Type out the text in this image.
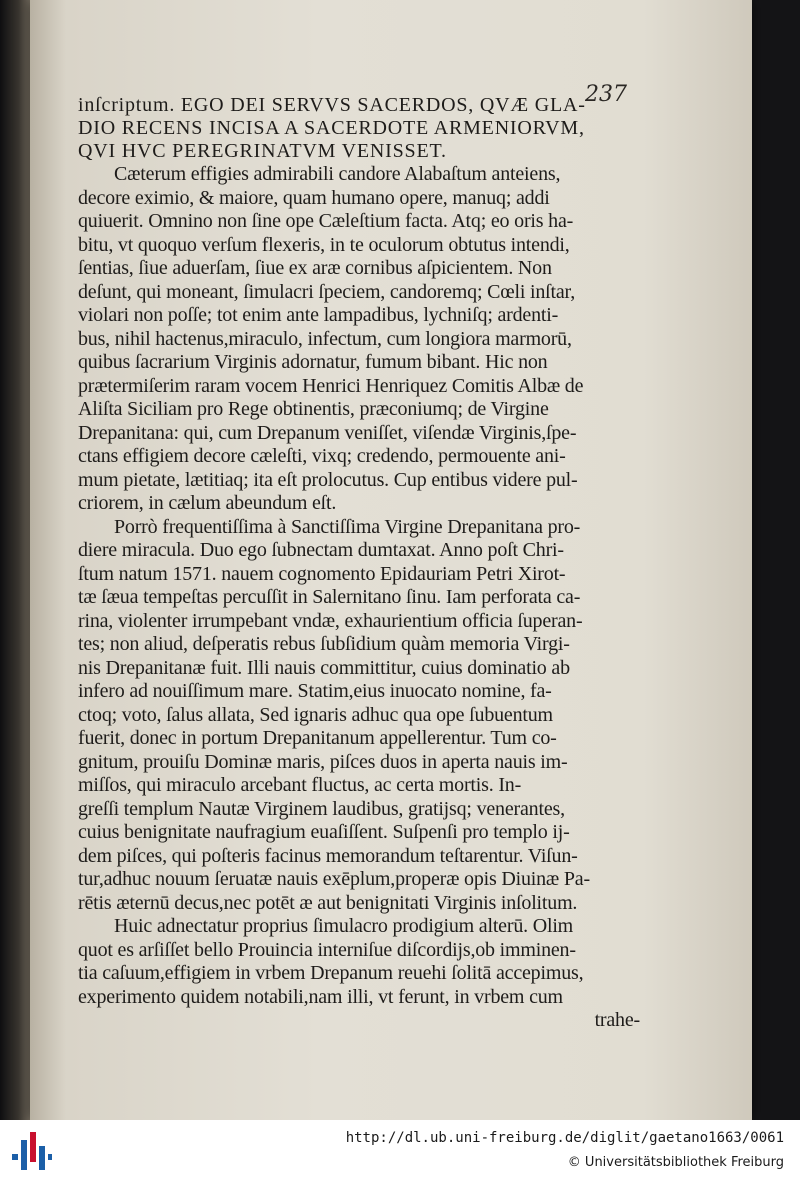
237
inſcriptum. EGO DEI SERVVS SACERDOS, QVÆ GLA-
DIO RECENS INCISA A SACERDOTE ARMENIORVM,
QVI HVC PEREGRINATVM VENISSET.
Cæterum effigies admirabili candore Alabaſtum anteiens,
decore eximio, & maiore, quam humano opere, manuq; addi
quiuerit. Omnino non ſine ope Cæleſtium facta. Atq; eo oris ha-
bitu, vt quoquo verſum flexeris, in te oculorum obtutus intendi,
ſentias, ſiue aduerſam, ſiue ex aræ cornibus aſpicientem. Non
deſunt, qui moneant, ſimulacri ſpeciem, candoremq; Cœli inſtar,
violari non poſſe; tot enim ante lampadibus, lychniſq; ardenti-
bus, nihil hactenus,miraculo, infectum, cum longiora marmorū,
quibus ſacrarium Virginis adornatur, fumum bibant. Hic non
prætermiſerim raram vocem Henrici Henriquez Comitis Albæ de
Aliſta Siciliam pro Rege obtinentis, præconiumq; de Virgine
Drepanitana: qui, cum Drepanum veniſſet, viſendæ Virginis,ſpe-
ctans effigiem decore cæleſti, vixq; credendo, permouente ani-
mum pietate, lætitiaq; ita eſt prolocutus. Cup entibus videre pul-
criorem, in cælum abeundum eſt.
Porrò frequentiſſima à Sanctiſſima Virgine Drepanitana pro-
diere miracula. Duo ego ſubnectam dumtaxat. Anno poſt Chri-
ſtum natum 1571. nauem cognomento Epidauriam Petri Xirot-
tæ ſæua tempeſtas percuſſit in Salernitano ſinu. Iam perforata ca-
rina, violenter irrumpebant vndæ, exhaurientium officia ſuperan-
tes; non aliud, deſperatis rebus ſubſidium quàm memoria Virgi-
nis Drepanitanæ fuit. Illi nauis committitur, cuius dominatio ab
infero ad nouiſſimum mare. Statim,eius inuocato nomine, fa-
ctoq; voto, ſalus allata, Sed ignaris adhuc qua ope ſubuentum
fuerit, donec in portum Drepanitanum appellerentur. Tum co-
gnitum, prouiſu Dominæ maris, piſces duos in aperta nauis im-
miſſos, qui miraculo arcebant fluctus, ac certa mortis. In-
greſſi templum Nautæ Virginem laudibus, gratijsq; venerantes,
cuius benignitate naufragium euaſiſſent. Suſpenſi pro templo ij-
dem piſces, qui poſteris facinus memorandum teſtarentur. Viſun-
tur,adhuc nouum ſeruatæ nauis exēplum,properæ opis Diuinæ Pa-
rētis æternū decus,nec potēt æ aut benignitati Virginis inſolitum.
Huic adnectatur proprius ſimulacro prodigium alterū. Olim
quot es arſiſſet bello Prouincia interniſue diſcordijs,ob imminen-
tia caſuum,effigiem in vrbem Drepanum reuehi ſolitā accepimus,
experimento quidem notabili,nam illi, vt ferunt, in vrbem cum
trahe-
http://dl.ub.uni-freiburg.de/diglit/gaetano1663/0061
© Universitätsbibliothek Freiburg
